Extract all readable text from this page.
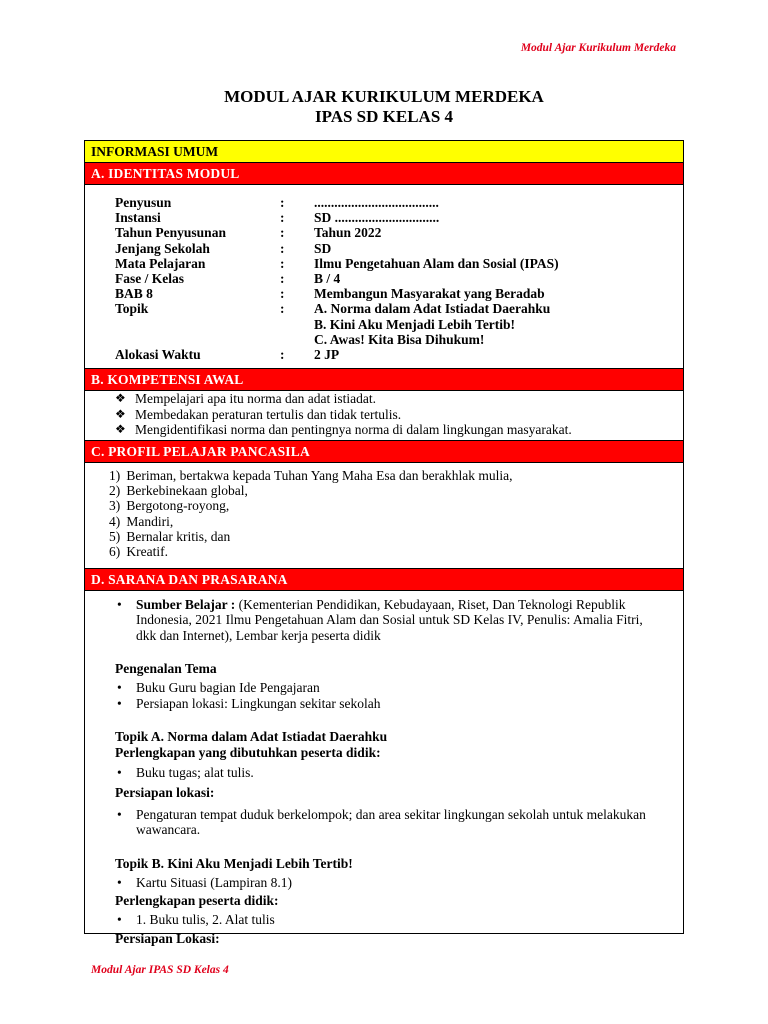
Modul Ajar Kurikulum Merdeka
MODUL AJAR KURIKULUM MERDEKA
IPAS SD KELAS 4
INFORMASI UMUM
A. IDENTITAS MODUL
Penyusun	:	.....................................
Instansi	:	SD ...............................
Tahun Penyusunan	:	Tahun 2022
Jenjang Sekolah	:	SD
Mata Pelajaran	:	Ilmu Pengetahuan Alam dan Sosial (IPAS)
Fase / Kelas	:	B / 4
BAB 8	:	Membangun Masyarakat yang Beradab
Topik	:	A. Norma dalam Adat Istiadat Daerahku
B. Kini Aku Menjadi Lebih Tertib!
C. Awas! Kita Bisa Dihukum!
Alokasi Waktu	:	2 JP
B. KOMPETENSI AWAL
❖ Mempelajari apa itu norma dan adat istiadat.
❖ Membedakan peraturan tertulis dan tidak tertulis.
❖ Mengidentifikasi norma dan pentingnya norma di dalam lingkungan masyarakat.
C. PROFIL PELAJAR PANCASILA
1)
Beriman, bertakwa kepada Tuhan Yang Maha Esa dan berakhlak mulia,
2)
Berkebinekaan global,
3)
Bergotong-royong,
4)
Mandiri,
5)
Bernalar kritis, dan
6)
Kreatif.
D. SARANA DAN PRASARANA
•	Sumber Belajar : (Kementerian Pendidikan, Kebudayaan, Riset, Dan Teknologi Republik Indonesia, 2021 Ilmu Pengetahuan Alam dan Sosial untuk SD Kelas IV, Penulis: Amalia Fitri, dkk dan Internet), Lembar kerja peserta didik
Pengenalan Tema
•	Buku Guru bagian Ide Pengajaran
•	Persiapan lokasi: Lingkungan sekitar sekolah
Topik A. Norma dalam Adat Istiadat Daerahku
Perlengkapan yang dibutuhkan peserta didik:
•	Buku tugas; alat tulis.
Persiapan lokasi:
•	Pengaturan tempat duduk berkelompok; dan area sekitar lingkungan sekolah untuk melakukan wawancara.
Topik B. Kini Aku Menjadi Lebih Tertib!
•	Kartu Situasi (Lampiran 8.1)
Perlengkapan peserta didik:
•	1. Buku tulis, 2. Alat tulis
Persiapan Lokasi:
Modul Ajar IPAS SD Kelas 4
